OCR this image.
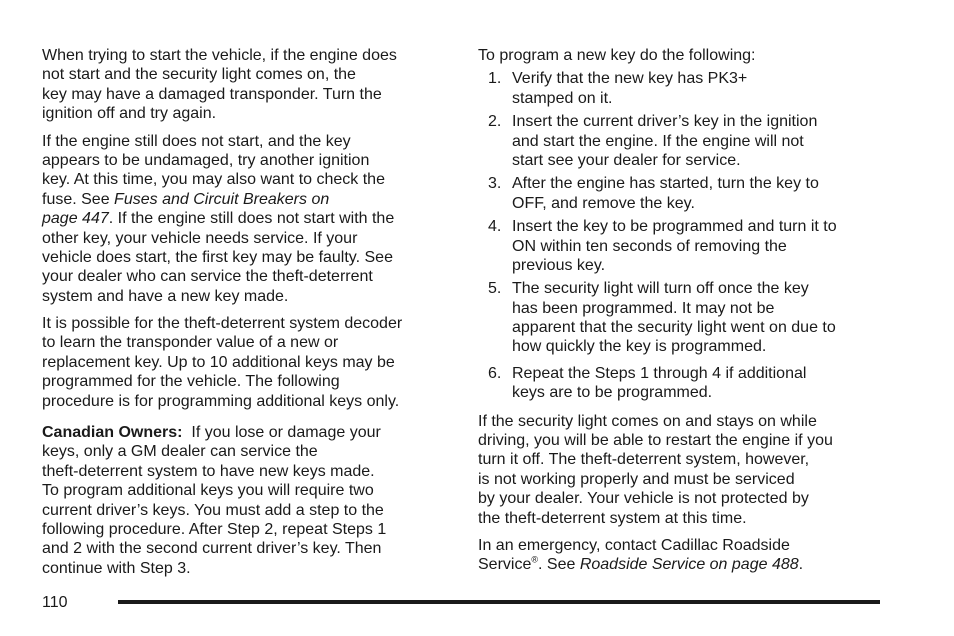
When trying to start the vehicle, if the engine does
not start and the security light comes on, the
key may have a damaged transponder. Turn the
ignition off and try again.
If the engine still does not start, and the key
appears to be undamaged, try another ignition
key. At this time, you may also want to check the
fuse. See Fuses and Circuit Breakers on
page 447. If the engine still does not start with the
other key, your vehicle needs service. If your
vehicle does start, the first key may be faulty. See
your dealer who can service the theft-deterrent
system and have a new key made.
It is possible for the theft-deterrent system decoder
to learn the transponder value of a new or
replacement key. Up to 10 additional keys may be
programmed for the vehicle. The following
procedure is for programming additional keys only.
Canadian Owners:  If you lose or damage your
keys, only a GM dealer can service the
theft-deterrent system to have new keys made.
To program additional keys you will require two
current driver’s keys. You must add a step to the
following procedure. After Step 2, repeat Steps 1
and 2 with the second current driver’s key. Then
continue with Step 3.
To program a new key do the following:
1. Verify that the new key has PK3+
stamped on it.
2. Insert the current driver’s key in the ignition
and start the engine. If the engine will not
start see your dealer for service.
3. After the engine has started, turn the key to
OFF, and remove the key.
4. Insert the key to be programmed and turn it to
ON within ten seconds of removing the
previous key.
5. The security light will turn off once the key
has been programmed. It may not be
apparent that the security light went on due to
how quickly the key is programmed.
6. Repeat the Steps 1 through 4 if additional
keys are to be programmed.
If the security light comes on and stays on while
driving, you will be able to restart the engine if you
turn it off. The theft-deterrent system, however,
is not working properly and must be serviced
by your dealer. Your vehicle is not protected by
the theft-deterrent system at this time.
In an emergency, contact Cadillac Roadside
Service®. See Roadside Service on page 488.
110
